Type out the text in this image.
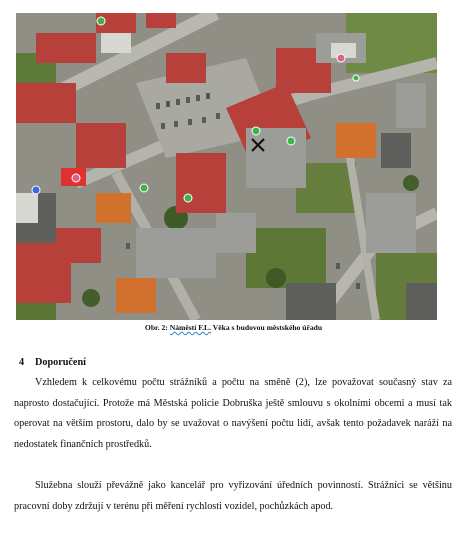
Obr. 2: Náměstí F.L. Věka s budovou městského úřadu
4 Doporučení

Vzhledem k celkovému počtu strážníků a počtu na směně (2), lze považovat současný stav za naprosto dostačující. Protože má Městská policie Dobruška ještě smlouvu s okolními obcemi a musí tak operovat na větším prostoru, dalo by se uvažovat o navýšení počtu lidí, avšak tento požadavek naráží na nedostatek finančních prostředků.

Služebna slouží převážně jako kancelář pro vyřizování úředních povinností. Strážníci se většinu pracovní doby zdržují v terénu při měření rychlosti vozidel, pochůzkách apod.
